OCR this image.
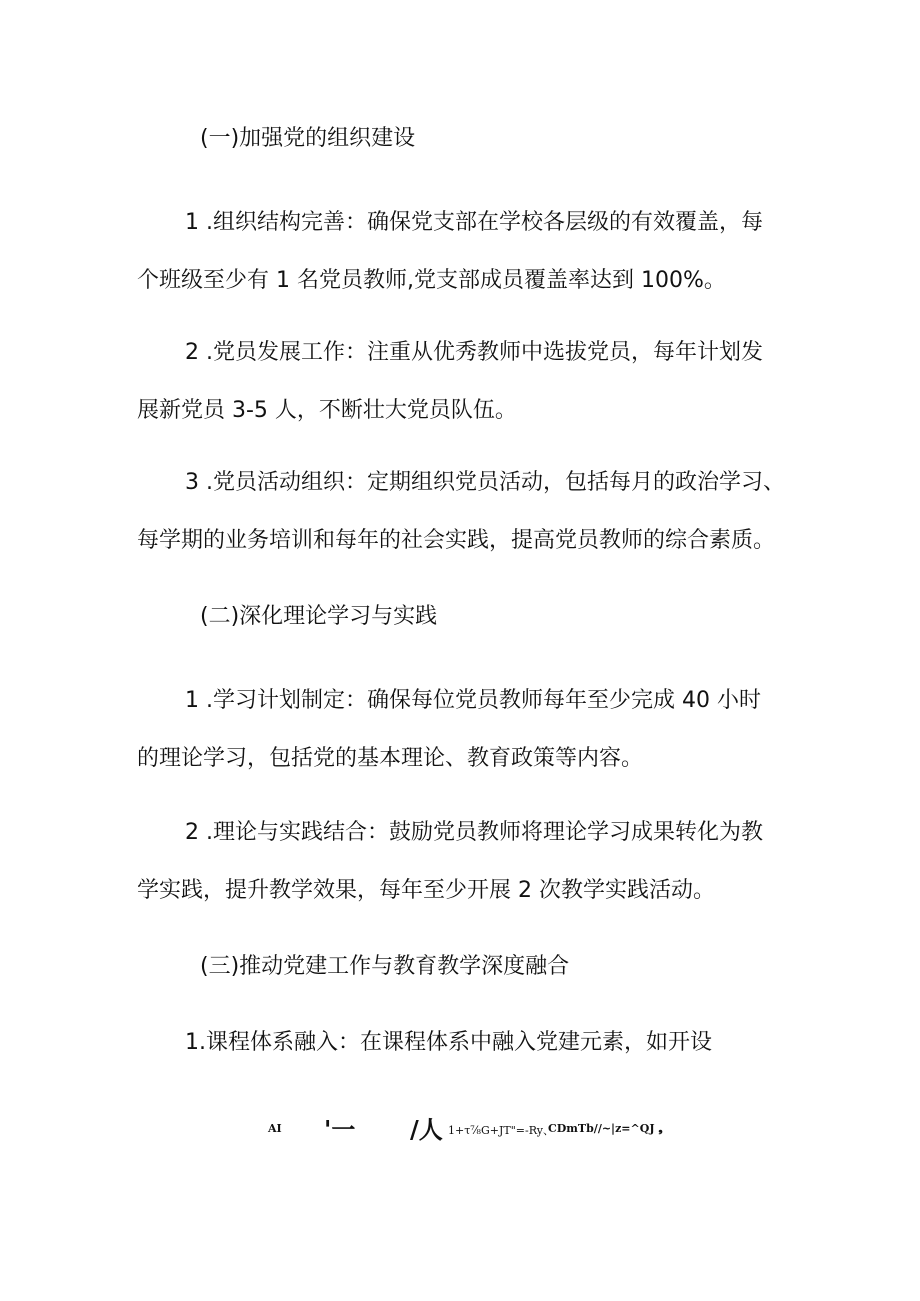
(一)加强党的组织建设
1 .组织结构完善：确保党支部在学校各层级的有效覆盖，每
个班级至少有 1 名党员教师,党支部成员覆盖率达到 100%。
2 .党员发展工作：注重从优秀教师中选拔党员，每年计划发
展新党员 3-5 人，不断壮大党员队伍。
3 .党员活动组织：定期组织党员活动，包括每月的政治学习、
每学期的业务培训和每年的社会实践，提高党员教师的综合素质。
(二)深化理论学习与实践
1 .学习计划制定：确保每位党员教师每年至少完成 40 小时
的理论学习，包括党的基本理论、教育政策等内容。
2 .理论与实践结合：鼓励党员教师将理论学习成果转化为教
学实践，提升教学效果，每年至少开展 2 次教学实践活动。
(三)推动党建工作与教育教学深度融合
1.课程体系融入：在课程体系中融入党建元素，如开设
AI '一 /人 1+τ⅞G+JT"=-Ry、
CDmTb//~|z=^QJ ❟
